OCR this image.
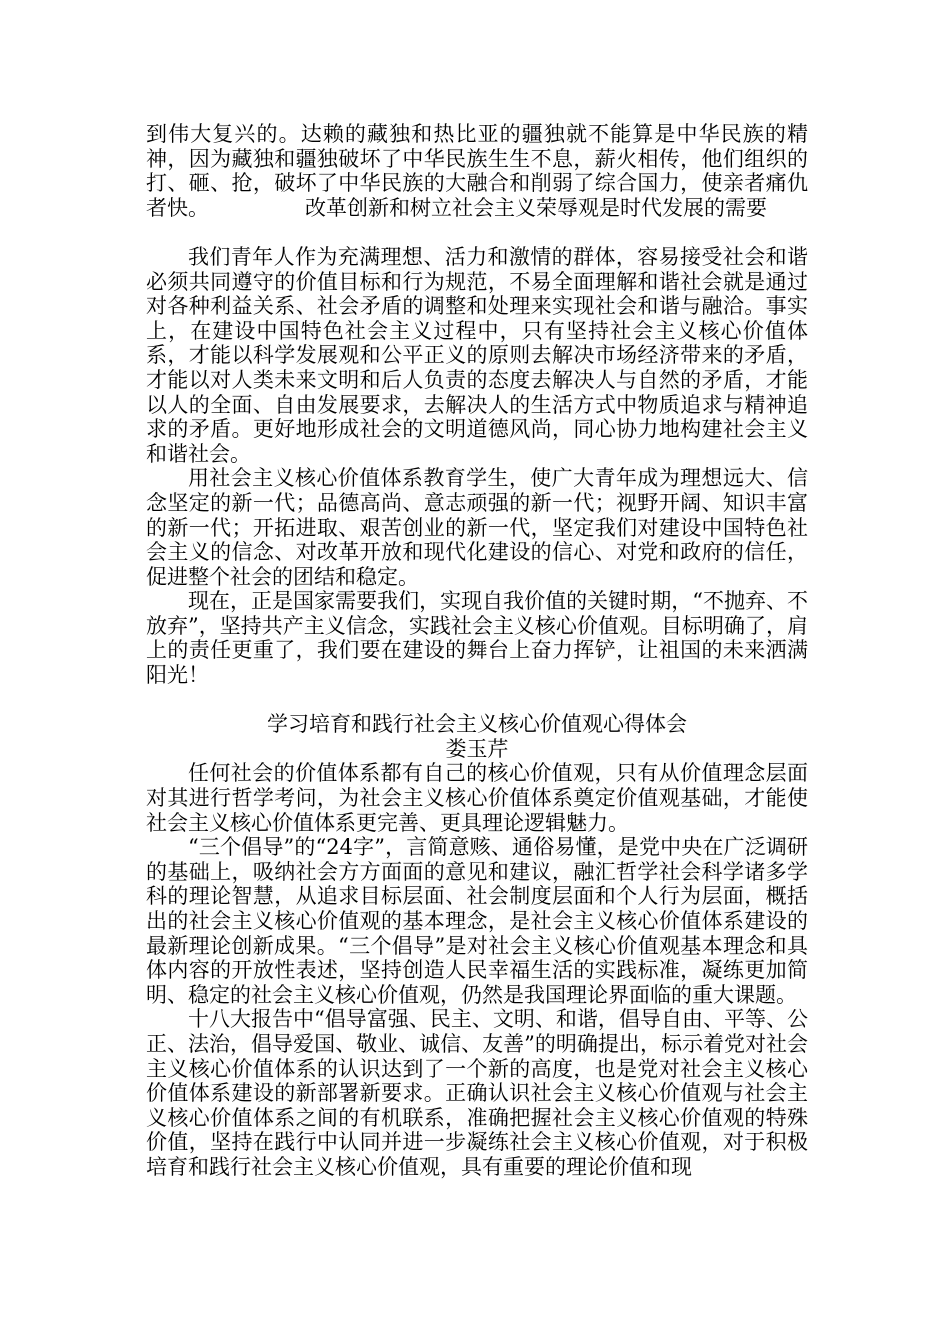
到伟大复兴的。达赖的藏独和热比亚的疆独就不能算是中华民族的精神，因为藏独和疆独破坏了中华民族生生不息，薪火相传，他们组织的打、砸、抢，破坏了中华民族的大融合和削弱了综合国力，使亲者痛仇者快。	改革创新和树立社会主义荣辱观是时代发展的需要

我们青年人作为充满理想、活力和激情的群体，容易接受社会和谐必须共同遵守的价值目标和行为规范，不易全面理解和谐社会就是通过对各种利益关系、社会矛盾的调整和处理来实现社会和谐与融洽。事实上，在建设中国特色社会主义过程中，只有坚持社会主义核心价值体系，才能以科学发展观和公平正义的原则去解决市场经济带来的矛盾，才能以对人类未来文明和后人负责的态度去解决人与自然的矛盾，才能以人的全面、自由发展要求，去解决人的生活方式中物质追求与精神追求的矛盾。更好地形成社会的文明道德风尚，同心协力地构建社会主义和谐社会。

用社会主义核心价值体系教育学生，使广大青年成为理想远大、信念坚定的新一代；品德高尚、意志顽强的新一代；视野开阔、知识丰富的新一代；开拓进取、艰苦创业的新一代，坚定我们对建设中国特色社会主义的信念、对改革开放和现代化建设的信心、对党和政府的信任，促进整个社会的团结和稳定。

现在，正是国家需要我们，实现自我价值的关键时期，“不抛弃、不放弃”，坚持共产主义信念，实践社会主义核心价值观。目标明确了，肩上的责任更重了，我们要在建设的舞台上奋力挥铲，让祖国的未来洒满阳光！

学习培育和践行社会主义核心价值观心得体会

娄玉芹

任何社会的价值体系都有自己的核心价值观，只有从价值理念层面对其进行哲学考问，为社会主义核心价值体系奠定价值观基础，才能使社会主义核心价值体系更完善、更具理论逻辑魅力。

“三个倡导”的“24字”，言简意赅、通俗易懂，是党中央在广泛调研的基础上，吸纳社会方方面面的意见和建议，融汇哲学社会科学诸多学科的理论智慧，从追求目标层面、社会制度层面和个人行为层面，概括出的社会主义核心价值观的基本理念，是社会主义核心价值体系建设的最新理论创新成果。“三个倡导”是对社会主义核心价值观基本理念和具体内容的开放性表述，坚持创造人民幸福生活的实践标准，凝练更加简明、稳定的社会主义核心价值观，仍然是我国理论界面临的重大课题。

十八大报告中“倡导富强、民主、文明、和谐，倡导自由、平等、公正、法治，倡导爱国、敬业、诚信、友善”的明确提出，标示着党对社会主义核心价值体系的认识达到了一个新的高度，也是党对社会主义核心价值体系建设的新部署新要求。正确认识社会主义核心价值观与社会主义核心价值体系之间的有机联系，准确把握社会主义核心价值观的特殊价值，坚持在践行中认同并进一步凝练社会主义核心价值观，对于积极培育和践行社会主义核心价值观，具有重要的理论价值和现
